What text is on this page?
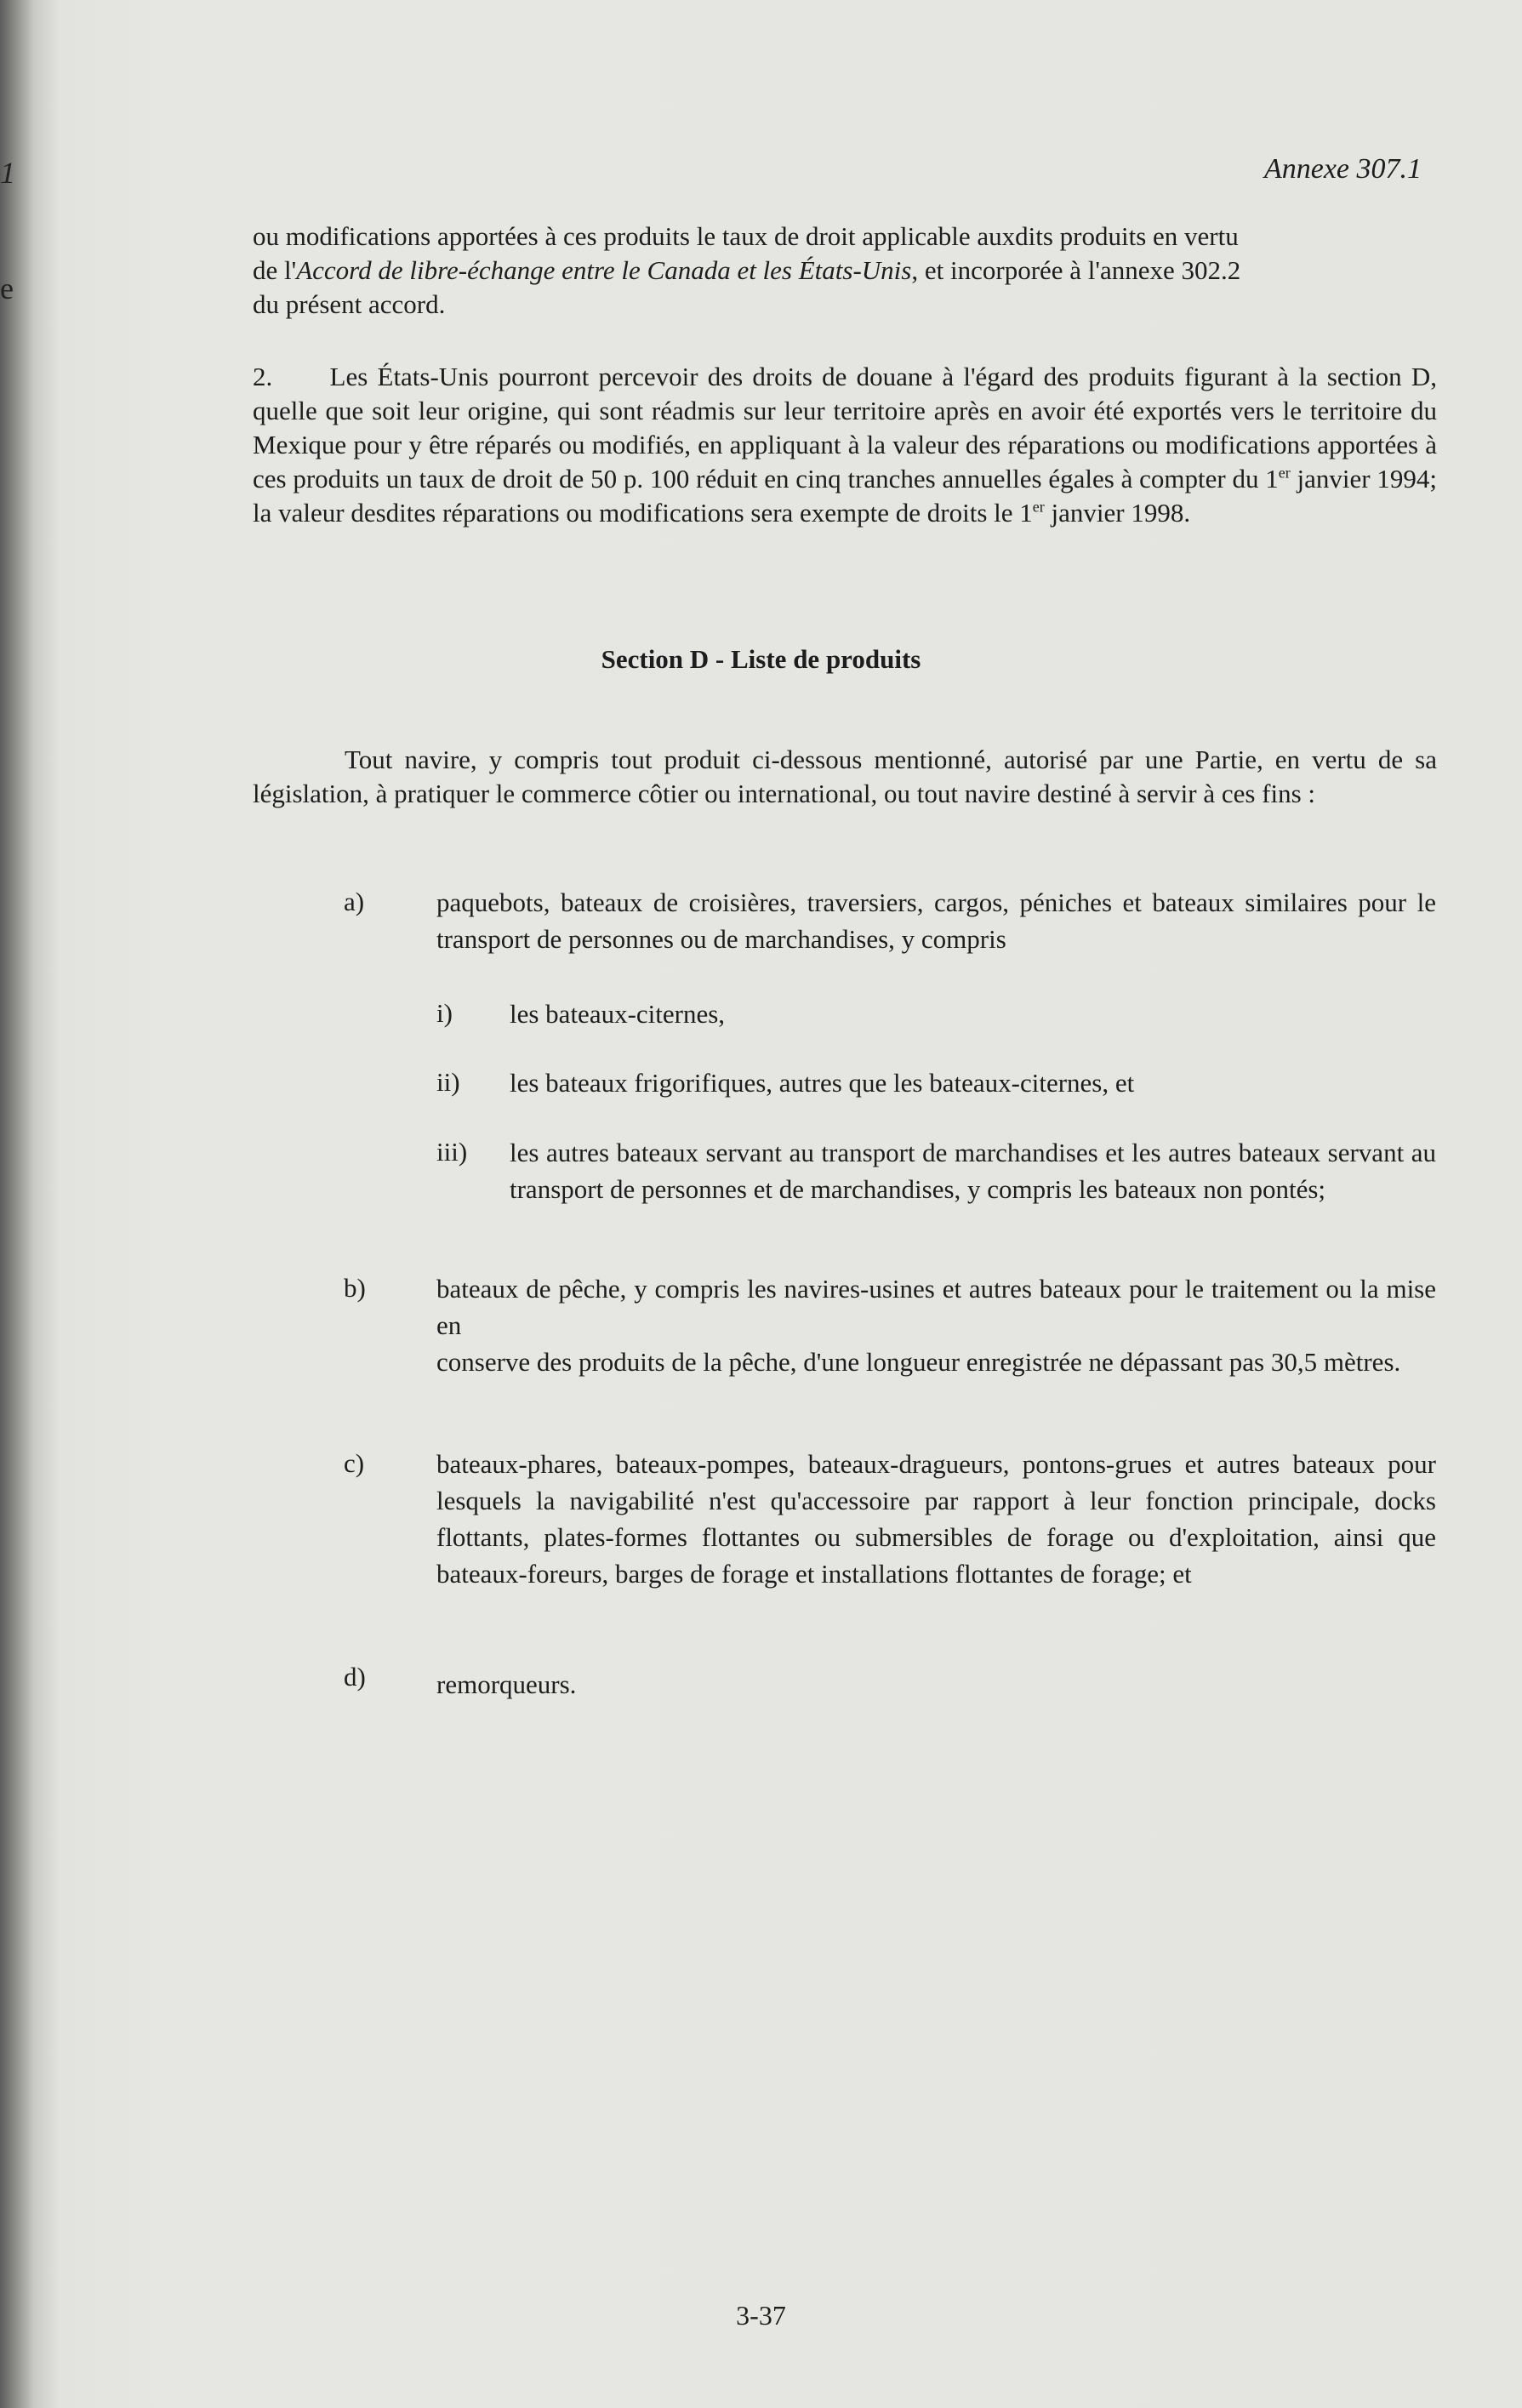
1
e
Annexe 307.1
ou modifications apportées à ces produits le taux de droit applicable auxdits produits en vertu
de l'Accord de libre-échange entre le Canada et les États-Unis, et incorporée à l'annexe 302.2
du présent accord.
2. Les États-Unis pourront percevoir des droits de douane à l'égard des produits figurant à la section D, quelle que soit leur origine, qui sont réadmis sur leur territoire après en avoir été exportés vers le territoire du Mexique pour y être réparés ou modifiés, en appliquant à la valeur des réparations ou modifications apportées à ces produits un taux de droit de 50 p. 100 réduit en cinq tranches annuelles égales à compter du 1er janvier 1994; la valeur desdites réparations ou modifications sera exempte de droits le 1er janvier 1998.
Section D - Liste de produits
Tout navire, y compris tout produit ci-dessous mentionné, autorisé par une Partie, en vertu de sa législation, à pratiquer le commerce côtier ou international, ou tout navire destiné à servir à ces fins :
a)	paquebots, bateaux de croisières, traversiers, cargos, péniches et bateaux similaires pour le transport de personnes ou de marchandises, y compris
i) les bateaux-citernes,
ii) les bateaux frigorifiques, autres que les bateaux-citernes, et
iii) les autres bateaux servant au transport de marchandises et les autres bateaux servant au transport de personnes et de marchandises, y compris les bateaux non pontés;
b)	bateaux de pêche, y compris les navires-usines et autres bateaux pour le traitement ou la mise en
conserve des produits de la pêche, d'une longueur enregistrée ne dépassant pas 30,5 mètres.
c)	bateaux-phares, bateaux-pompes, bateaux-dragueurs, pontons-grues et autres bateaux pour lesquels la navigabilité n'est qu'accessoire par rapport à leur fonction principale, docks flottants, plates-formes flottantes ou submersibles de forage ou d'exploitation, ainsi que bateaux-foreurs, barges de forage et installations flottantes de forage; et
d)	remorqueurs.
3-37
